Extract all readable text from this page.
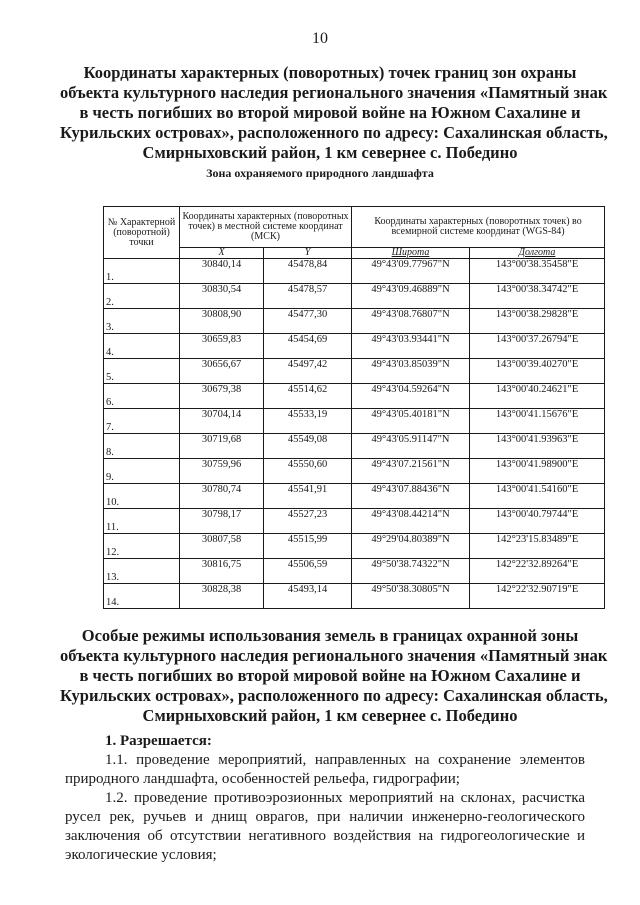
10
Координаты характерных (поворотных) точек границ зон охраны
объекта культурного наследия регионального значения «Памятный знак
в честь погибших во второй мировой войне на Южном Сахалине и
Курильских островах», расположенного по адресу: Сахалинская область,
Смирныховский район, 1 км севернее с. Победино
Зона охраняемого природного ландшафта
№ Характерной (поворотной) точки	Координаты характерных (поворотных точек) в местной системе координат (МСК)		Координаты характерных (поворотных точек) во всемирной системе координат (WGS-84)	
	X	Y	Широта	Долгота
1.	30840,14	45478,84	49°43'09.77967"N	143°00'38.35458"E
2.	30830,54	45478,57	49°43'09.46889"N	143°00'38.34742"E
3.	30808,90	45477,30	49°43'08.76807"N	143°00'38.29828"E
4.	30659,83	45454,69	49°43'03.93441"N	143°00'37.26794"E
5.	30656,67	45497,42	49°43'03.85039"N	143°00'39.40270"E
6.	30679,38	45514,62	49°43'04.59264"N	143°00'40.24621"E
7.	30704,14	45533,19	49°43'05.40181"N	143°00'41.15676"E
8.	30719,68	45549,08	49°43'05.91147"N	143°00'41.93963"E
9.	30759,96	45550,60	49°43'07.21561"N	143°00'41.98900"E
10.	30780,74	45541,91	49°43'07.88436"N	143°00'41.54160"E
11.	30798,17	45527,23	49°43'08.44214"N	143°00'40.79744"E
12.	30807,58	45515,99	49°29'04.80389"N	142°23'15.83489"E
13.	30816,75	45506,59	49°50'38.74322"N	142°22'32.89264"E
14.	30828,38	45493,14	49°50'38.30805"N	142°22'32.90719"E
Особые режимы использования земель в границах охранной зоны
объекта культурного наследия регионального значения «Памятный знак
в честь погибших во второй мировой войне на Южном Сахалине и
Курильских островах», расположенного по адресу: Сахалинская область,
Смирныховский район, 1 км севернее с. Победино
1. Разрешается:

1.1. проведение мероприятий, направленных на сохранение элементов природного ландшафта, особенностей рельефа, гидрографии;

1.2. проведение противоэрозионных мероприятий на склонах, расчистка русел рек, ручьев и днищ оврагов, при наличии инженерно-геологического заключения об отсутствии негативного воздействия на гидрогеологические и экологические условия;
